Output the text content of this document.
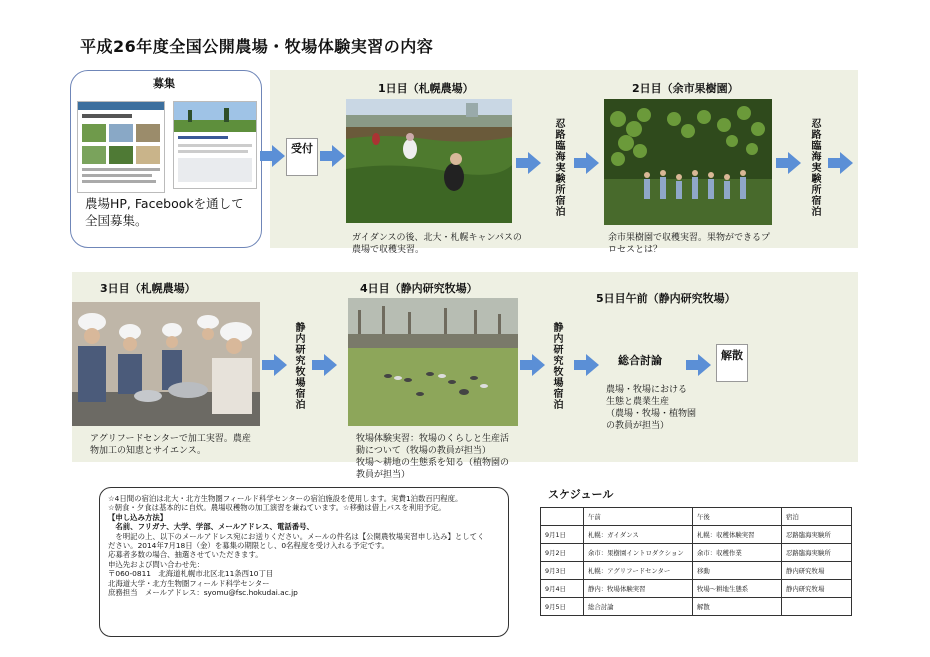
平成26年度全国公開農場・牧場体験実習の内容
募集
農場HP, Facebookを通して全国募集。
受付
1日目（札幌農場）
ガイダンスの後、北大・札幌キャンパスの農場で収穫実習。
忍路臨海実験所宿泊
2日目（余市果樹園）
余市果樹園で収穫実習。果物ができるプロセスとは？
忍路臨海実験所宿泊
3日目（札幌農場）
アグリフードセンターで加工実習。農産物加工の知恵とサイエンス。
静内研究牧場宿泊
4日目（静内研究牧場）
牧場体験実習：牧場のくらしと生産活
動について（牧場の教員が担当）
牧場～耕地の生態系を知る（植物園の
教員が担当）
静内研究牧場宿泊
5日目午前（静内研究牧場）
総合討論	解散
農場・牧場における
生態と農業生産
（農場・牧場・植物園
の教員が担当）
☆4日間の宿泊は北大・北方生物圏フィールド科学センターの宿泊施設を使用します。実費1泊数百円程度。
☆朝食・夕食は基本的に自炊。農場収穫物の加工演習を兼ねています。☆移動は借上バスを利用予定。
【申し込み方法】
　名前、フリガナ、大学、学部、メールアドレス、電話番号、
　を明記の上、以下のメールアドレス宛にお送りください。メールの件名は【公開農牧場実習申し込み】としてく
ださい。2014年7月18日（金）を募集の期限とし、0名程度を受け入れる予定です。
応募者多数の場合、抽選させていただきます。
申込先および問い合わせ先：
〒060-0811　北海道札幌市北区北11条西10丁目
北海道大学・北方生物圏フィールド科学センター
庶務担当　メールアドレス：syomu@fsc.hokudai.ac.jp
スケジュール
	午前	午後	宿泊
9月1日	札幌：ガイダンス	札幌：収穫体験実習	忍路臨海実験所
9月2日	余市：果樹園イントロダクション	余市：収穫作業	忍路臨海実験所
9月3日	札幌：アグリフードセンター	移動	静内研究牧場
9月4日	静内：牧場体験実習	牧場～耕地生態系	静内研究牧場
9月5日	総合討論	解散	
